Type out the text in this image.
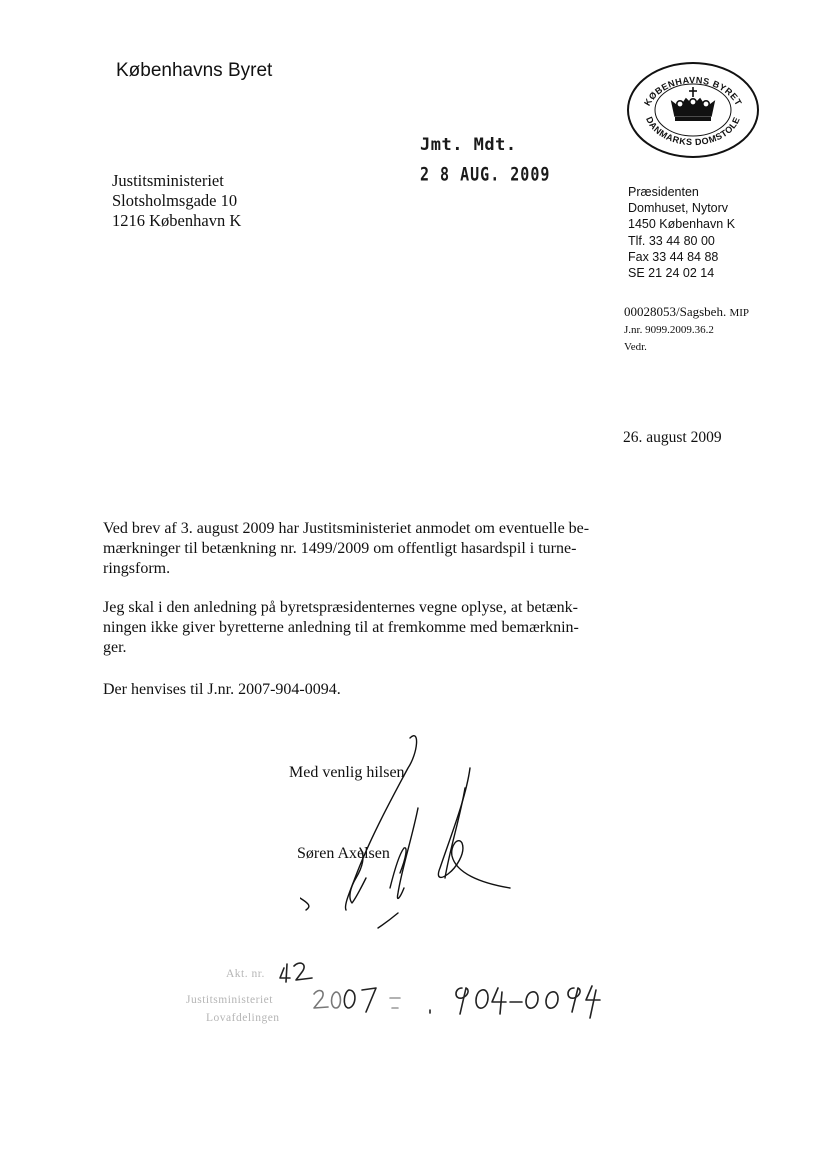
Københavns Byret
KØBENHAVNS BYRET
DANMARKS DOMSTOLE
Justitsministeriet
Slotsholmsgade 10
1216 København K
Jmt. Mdt.
2 8 AUG. 2009
Præsidenten
Domhuset, Nytorv
1450 København K
Tlf. 33 44 80 00
Fax 33 44 84 88
SE 21 24 02 14
00028053/Sagsbeh. MIP
J.nr. 9099.2009.36.2
Vedr.
26. august 2009
Ved brev af 3. august 2009 har Justitsministeriet anmodet om eventuelle be-
mærkninger til betænkning nr. 1499/2009 om offentligt hasardspil i turne-
ringsform.
Jeg skal i den anledning på byretspræsidenternes vegne oplyse, at betænk-
ningen ikke giver byretterne anledning til at fremkomme med bemærknin-
ger.
Der henvises til J.nr. 2007-904-0094.
Med venlig hilsen
Søren Axelsen
Akt. nr.
Justitsministeriet
Lovafdelingen
